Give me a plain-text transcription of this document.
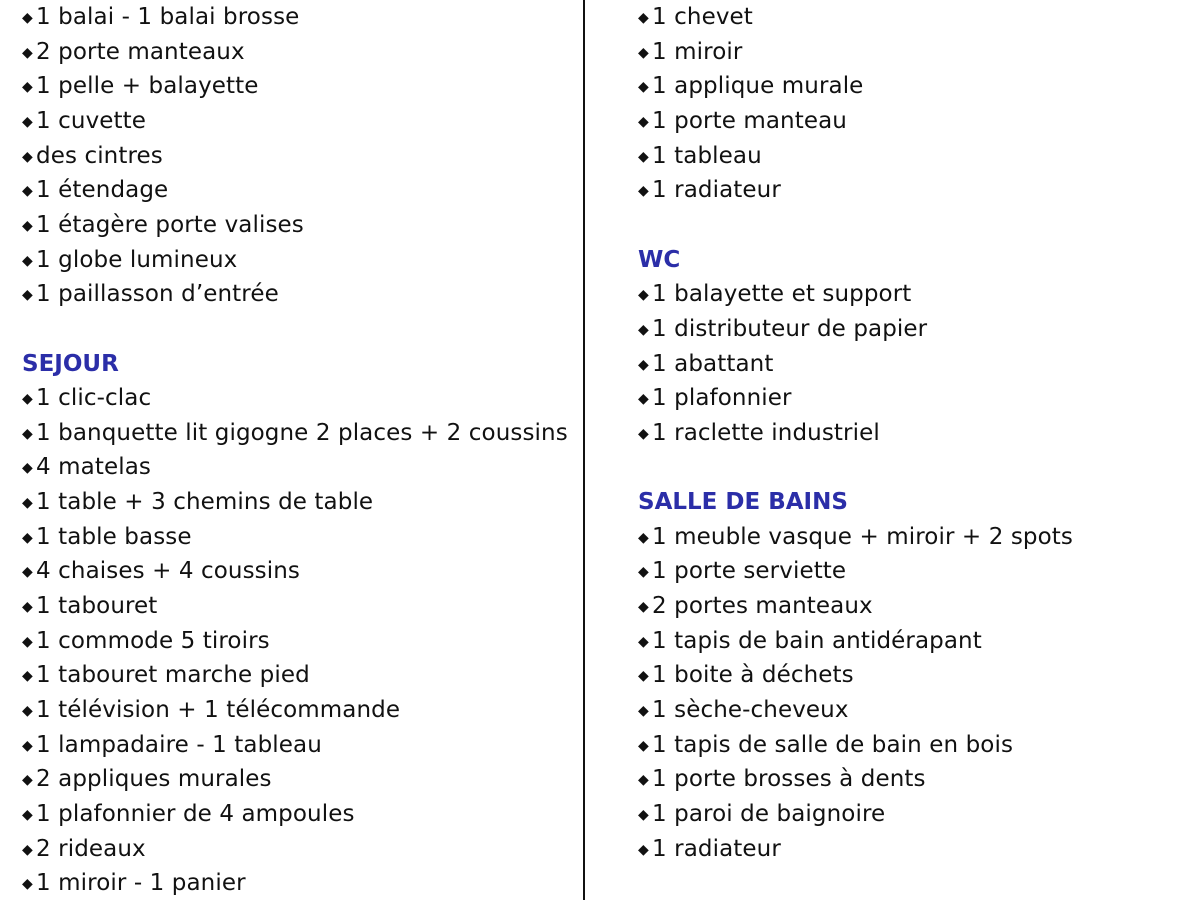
◆ 1 balai - 1 balai brosse
◆ 2 porte manteaux
◆ 1 pelle + balayette
◆ 1 cuvette
◆ des cintres
◆ 1 étendage
◆ 1 étagère porte valises
◆ 1 globe lumineux
◆ 1 paillasson d’entrée
SEJOUR
◆ 1 clic-clac
◆ 1 banquette lit gigogne 2 places + 2 coussins
◆ 4 matelas
◆ 1 table + 3 chemins de table
◆ 1 table basse
◆ 4 chaises + 4 coussins
◆ 1 tabouret
◆ 1 commode 5 tiroirs
◆ 1 tabouret marche pied
◆ 1 télévision + 1 télécommande
◆ 1 lampadaire - 1 tableau
◆ 2 appliques murales
◆ 1 plafonnier de 4 ampoules
◆ 2 rideaux
◆ 1 miroir - 1 panier
◆ 1 chevet
◆ 1 miroir
◆ 1 applique murale
◆ 1 porte manteau
◆ 1 tableau
◆ 1 radiateur
WC
◆ 1 balayette et support
◆ 1 distributeur de papier
◆ 1 abattant
◆ 1 plafonnier
◆ 1 raclette industriel
SALLE DE BAINS
◆ 1 meuble vasque + miroir + 2 spots
◆ 1 porte serviette
◆ 2 portes manteaux
◆ 1 tapis de bain antidérapant
◆ 1 boite à déchets
◆ 1 sèche-cheveux
◆ 1 tapis de salle de bain en bois
◆ 1 porte brosses à dents
◆ 1 paroi de baignoire
◆ 1 radiateur
